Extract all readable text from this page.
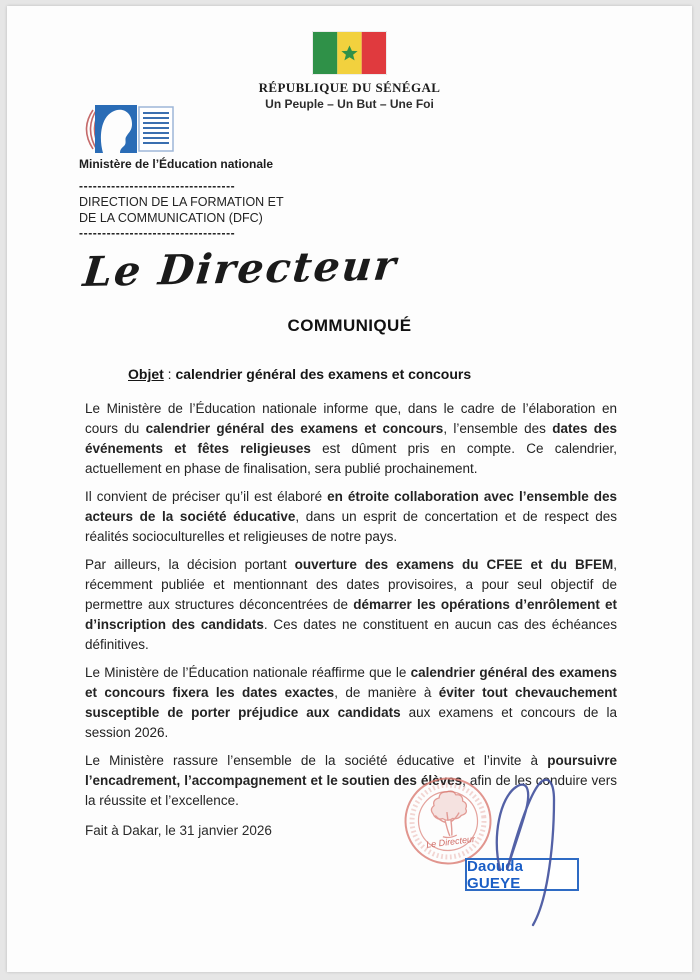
RÉPUBLIQUE DU SÉNÉGAL
Un Peuple – Un But – Une Foi
Ministère de l’Éducation nationale
----------------------------------
DIRECTION DE LA FORMATION ET
DE LA COMMUNICATION (DFC)
----------------------------------
Le Directeur
COMMUNIQUÉ
Objet : calendrier général des examens et concours

Le Ministère de l’Éducation nationale informe que, dans le cadre de l’élaboration en cours du calendrier général des examens et concours, l’ensemble des dates des événements et fêtes religieuses est dûment pris en compte. Ce calendrier, actuellement en phase de finalisation, sera publié prochainement.

Il convient de préciser qu’il est élaboré en étroite collaboration avec l’ensemble des acteurs de la société éducative, dans un esprit de concertation et de respect des réalités socioculturelles et religieuses de notre pays.

Par ailleurs, la décision portant ouverture des examens du CFEE et du BFEM, récemment publiée et mentionnant des dates provisoires, a pour seul objectif de permettre aux structures déconcentrées de démarrer les opérations d’enrôlement et d’inscription des candidats. Ces dates ne constituent en aucun cas des échéances définitives.

Le Ministère de l’Éducation nationale réaffirme que le calendrier général des examens et concours fixera les dates exactes, de manière à éviter tout chevauchement susceptible de porter préjudice aux candidats aux examens et concours de la session 2026.

Le Ministère rassure l’ensemble de la société éducative et l’invite à poursuivre l’encadrement, l’accompagnement et le soutien des élèves, afin de les conduire vers la réussite et l’excellence.

Fait à Dakar, le 31 janvier 2026
Le Directeur
Daouda GUEYE
